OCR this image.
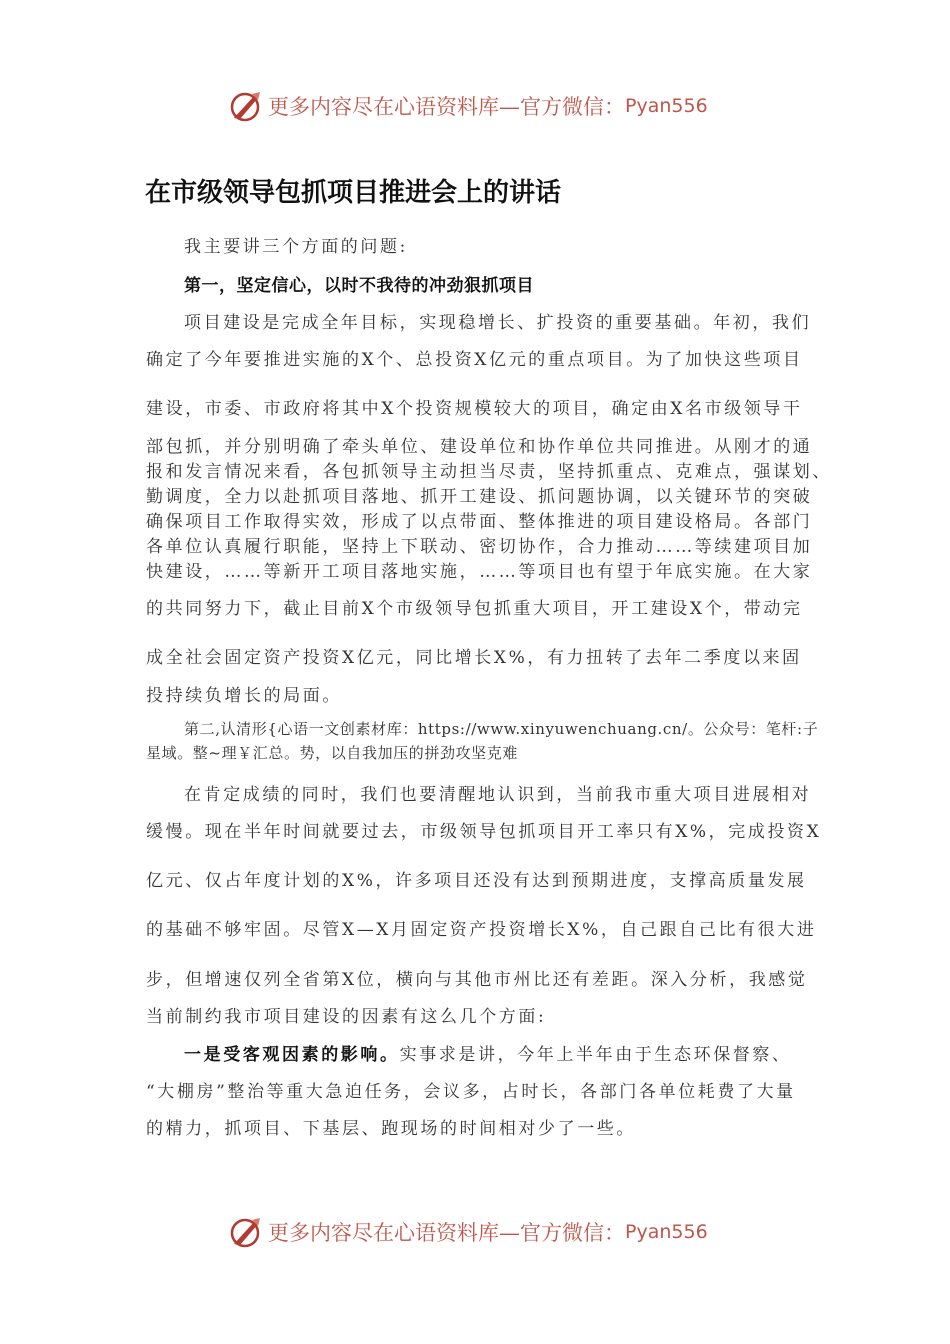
更多内容尽在心语资料库—官方微信： Pyan556
在市级领导包抓项目推进会上的讲话
我主要讲三个方面的问题:
第一，坚定信心，以时不我待的冲劲狠抓项目
项目建设是完成全年目标，实现稳增长、扩投资的重要基础。年初，我们
确定了今年要推进实施的X个、总投资X亿元的重点项目。为了加快这些项目
建设，市委、市政府将其中X个投资规模较大的项目，确定由X名市级领导干
部包抓，并分别明确了牵头单位、建设单位和协作单位共同推进。从刚才的通
报和发言情况来看，各包抓领导主动担当尽责，坚持抓重点、克难点，强谋划、
勤调度，全力以赴抓项目落地、抓开工建设、抓问题协调，以关键环节的突破
确保项目工作取得实效，形成了以点带面、整体推进的项目建设格局。各部门
各单位认真履行职能，坚持上下联动、密切协作，合力推动……等续建项目加
快建设，……等新开工项目落地实施，……等项目也有望于年底实施。在大家
的共同努力下，截止目前X个市级领导包抓重大项目，开工建设X个，带动完
成全社会固定资产投资X亿元，同比增长X%，有力扭转了去年二季度以来固
投持续负增长的局面。
第二,认清形{心语一文创素材库：https://www.xinyuwenchuang.cn/。公众号：笔杆:子
星域。整~理￥汇总。势，以自我加压的拼劲攻坚克难
在肯定成绩的同时，我们也要清醒地认识到，当前我市重大项目进展相对
缓慢。现在半年时间就要过去，市级领导包抓项目开工率只有X%，完成投资X
亿元、仅占年度计划的X%，许多项目还没有达到预期进度，支撑高质量发展
的基础不够牢固。尽管X—X月固定资产投资增长X%，自己跟自己比有很大进
步，但增速仅列全省第X位，横向与其他市州比还有差距。深入分析，我感觉
当前制约我市项目建设的因素有这么几个方面:
一是受客观因素的影响。实事求是讲，今年上半年由于生态环保督察、
“大棚房”整治等重大急迫任务，会议多，占时长，各部门各单位耗费了大量
的精力，抓项目、下基层、跑现场的时间相对少了一些。
更多内容尽在心语资料库—官方微信： Pyan556
